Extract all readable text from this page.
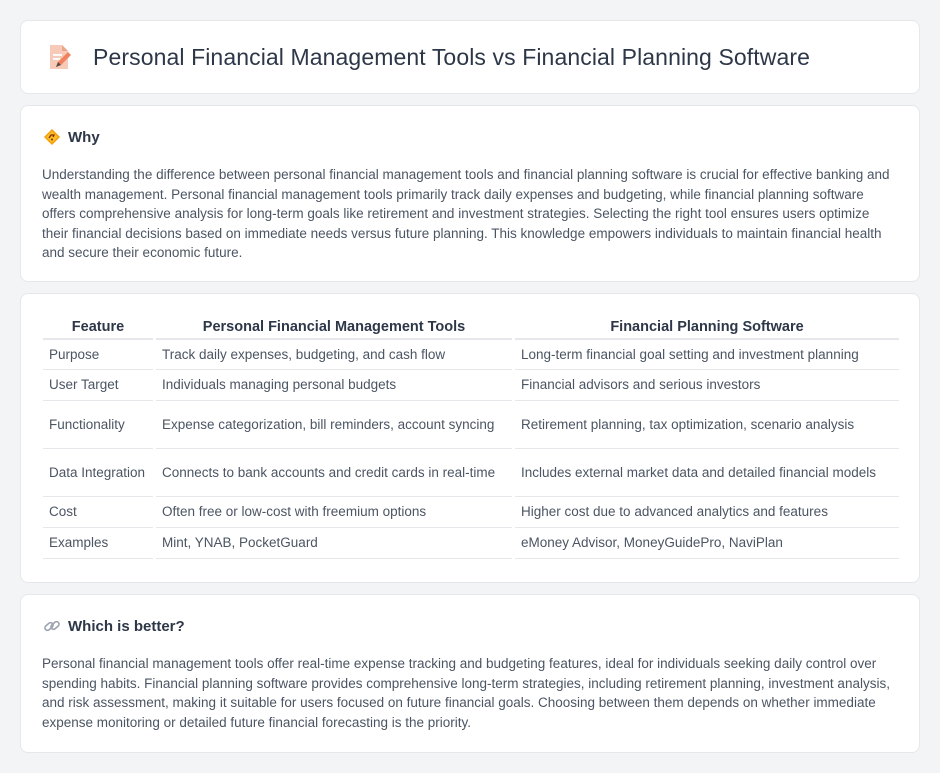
Personal Financial Management Tools vs Financial Planning Software
Why

Understanding the difference between personal financial management tools and financial planning software is crucial for effective banking and wealth management. Personal financial management tools primarily track daily expenses and budgeting, while financial planning software offers comprehensive analysis for long-term goals like retirement and investment strategies. Selecting the right tool ensures users optimize their financial decisions based on immediate needs versus future planning. This knowledge empowers individuals to maintain financial health and secure their economic future.

Feature		Personal Financial Management Tools		Financial Planning Software
Purpose		Track daily expenses, budgeting, and cash flow		Long-term financial goal setting and investment planning
User Target		Individuals managing personal budgets		Financial advisors and serious investors
Functionality		Expense categorization, bill reminders, account syncing		Retirement planning, tax optimization, scenario analysis
Data Integration		Connects to bank accounts and credit cards in real-time		Includes external market data and detailed financial models
Cost		Often free or low-cost with freemium options		Higher cost due to advanced analytics and features
Examples		Mint, YNAB, PocketGuard		eMoney Advisor, MoneyGuidePro, NaviPlan
Which is better?

Personal financial management tools offer real-time expense tracking and budgeting features, ideal for individuals seeking daily control over spending habits. Financial planning software provides comprehensive long-term strategies, including retirement planning, investment analysis, and risk assessment, making it suitable for users focused on future financial goals. Choosing between them depends on whether immediate expense monitoring or detailed future financial forecasting is the priority.
